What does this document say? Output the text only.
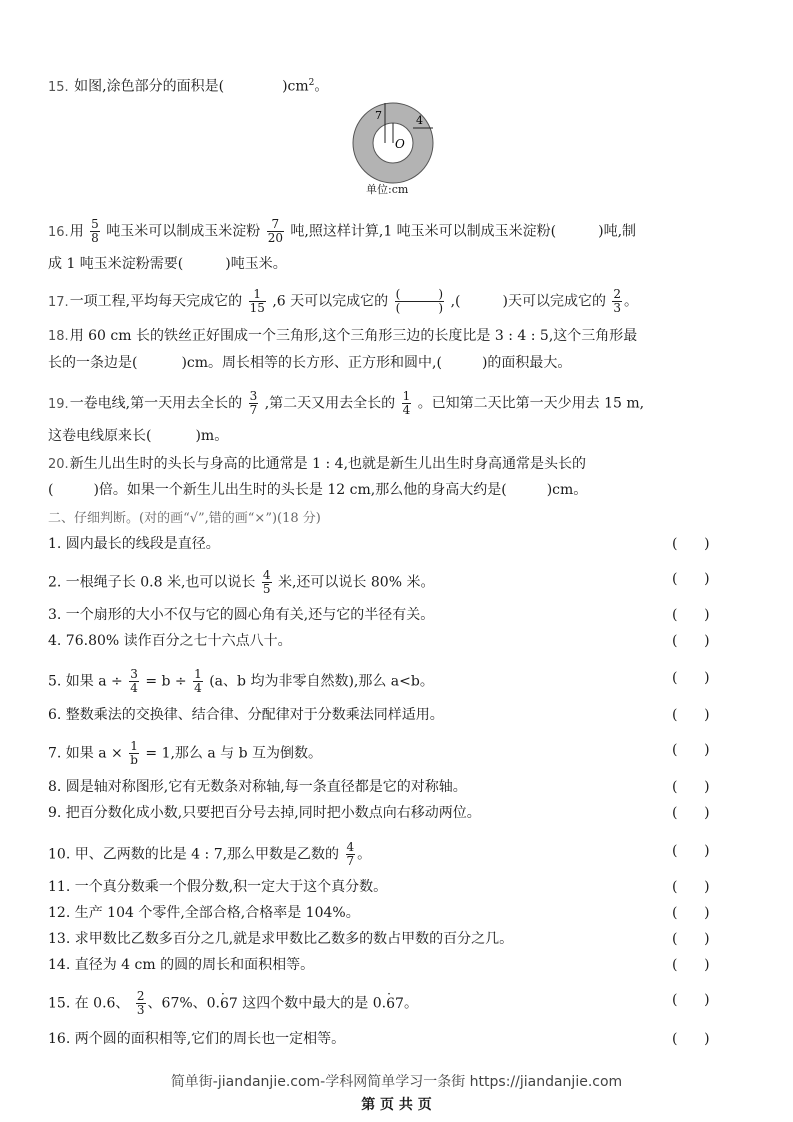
15. 如图,涂色部分的面积是(	)$cm^2$。
7	4
O
单位:cm
16.用 $\frac{5}{8}$ 吨玉米可以制成玉米淀粉 $\frac{7}{20}$ 吨,照这样计算,1 吨玉米可以制成玉米淀粉(	)吨,制
成 1 吨玉米淀粉需要(	)吨玉米。
17.一项工程,平均每天完成它的 $\frac{1}{15} ,6$ 天可以完成它的 $\frac{( )}{( )}$ ,(	)天可以完成它的 $\frac{2}{3}$ 。
18.用 60 cm 长的铁丝正好围成一个三角形,这个三角形三边的长度比是 3 : 4 : 5,这个三角形最
长的一条边是(	)cm。周长相等的长方形、正方形和圆中,(	)的面积最大。
19.一卷电线,第一天用去全长的 $\frac{3}{7}$ ,第二天又用去全长的 $\frac{1}{4}$ 。已知第二天比第一天少用去 15 m,
这卷电线原来长(	)m。
20.新生儿出生时的头长与身高的比通常是 1 : 4,也就是新生儿出生时身高通常是头长的
(	)倍。如果一个新生儿出生时的头长是 12 cm,那么他的身高大约是(	)cm。
二、仔细判断。(对的画“√”,错的画“×”)(18 分)
1. 圆内最长的线段是直径。	(      )
2. 一根绳子长 0.8 米,也可以说长 $\frac{4}{5}$ 米,还可以说长 80% 米。	(      )
3. 一个扇形的大小不仅与它的圆心角有关,还与它的半径有关。	(      )
4. 76.80% 读作百分之七十六点八十。	(      )
5. 如果 $a \div \frac{3}{4} = b \div \frac{1}{4} (a$、b 均为非零自然数),那么 a<b。	(      )
6. 整数乘法的交换律、结合律、分配律对于分数乘法同样适用。	(      )
7. 如果 $a \times \frac{1}{b} = 1$,那么 a 与 b 互为倒数。	(      )
8. 圆是轴对称图形,它有无数条对称轴,每一条直径都是它的对称轴。	(      )
9. 把百分数化成小数,只要把百分号去掉,同时把小数点向右移动两位。	(      )
10. 甲、乙两数的比是 4 : 7,那么甲数是乙数的 $\frac{4}{7}$ 。	(      )
11. 一个真分数乘一个假分数,积一定大于这个真分数。	(      )
12. 生产 104 个零件,全部合格,合格率是 104%。	(      )
13. 求甲数比乙数多百分之几,就是求甲数比乙数多的数占甲数的百分之几。	(      )
14. 直径为 4 cm 的圆的周长和面积相等。	(      )
15. 在 0.6、 $\frac{2}{3}$ 、67%、0.· 67 这四个数中最大的是 0.· 67。	(      )
16. 两个圆的面积相等,它们的周长也一定相等。	(      )
简单街-jiandanjie.com-学科网简单学习一条街 https://jiandanjie.com
第 页 共 页
